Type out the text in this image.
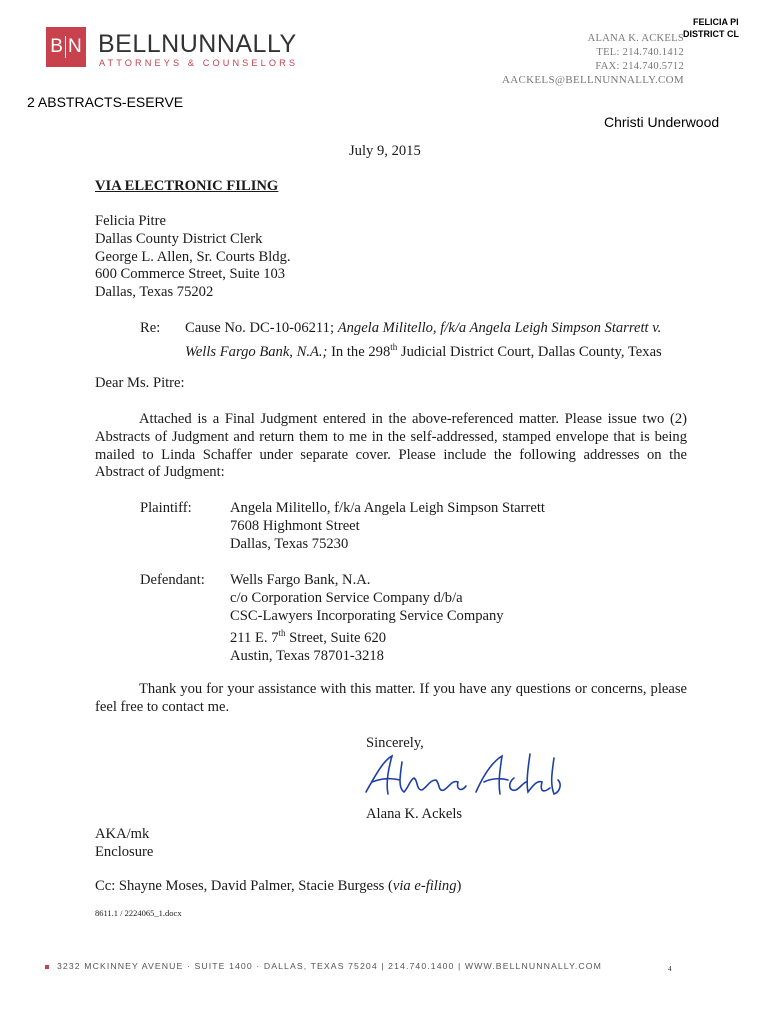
FELICIA PI
DISTRICT CL
2 ABSTRACTS-ESERVE
Christi Underwood
B N BELLNUNNALLY
ATTORNEYS & COUNSELORS
ALANA K. ACKELS
TEL: 214.740.1412
FAX: 214.740.5712
AACKELS@BELLNUNNALLY.COM
July 9, 2015
VIA ELECTRONIC FILING
Felicia Pitre
Dallas County District Clerk
George L. Allen, Sr. Courts Bldg.
600 Commerce Street, Suite 103
Dallas, Texas 75202
Re: Cause No. DC-10-06211; Angela Militello, f/k/a Angela Leigh Simpson Starrett v.
Wells Fargo Bank, N.A.; In the 298th Judicial District Court, Dallas County, Texas
Dear Ms. Pitre:
Attached is a Final Judgment entered in the above-referenced matter. Please issue two (2) Abstracts of Judgment and return them to me in the self-addressed, stamped envelope that is being mailed to Linda Schaffer under separate cover. Please include the following addresses on the Abstract of Judgment:
Plaintiff:	Angela Militello, f/k/a Angela Leigh Simpson Starrett
7608 Highmont Street
Dallas, Texas 75230
Defendant: Wells Fargo Bank, N.A.
c/o Corporation Service Company d/b/a
CSC-Lawyers Incorporating Service Company
211 E. 7th Street, Suite 620
Austin, Texas 78701-3218
Thank you for your assistance with this matter. If you have any questions or concerns, please feel free to contact me.
Sincerely,
Alana K. Ackels
AKA/mk
Enclosure
Cc: Shayne Moses, David Palmer, Stacie Burgess (via e-filing)
8611.1 / 2224065_1.docx
3232 MCKINNEY AVENUE · SUITE 1400 · DALLAS, TEXAS 75204 | 214.740.1400 | WWW.BELLNUNNALLY.COM	4
